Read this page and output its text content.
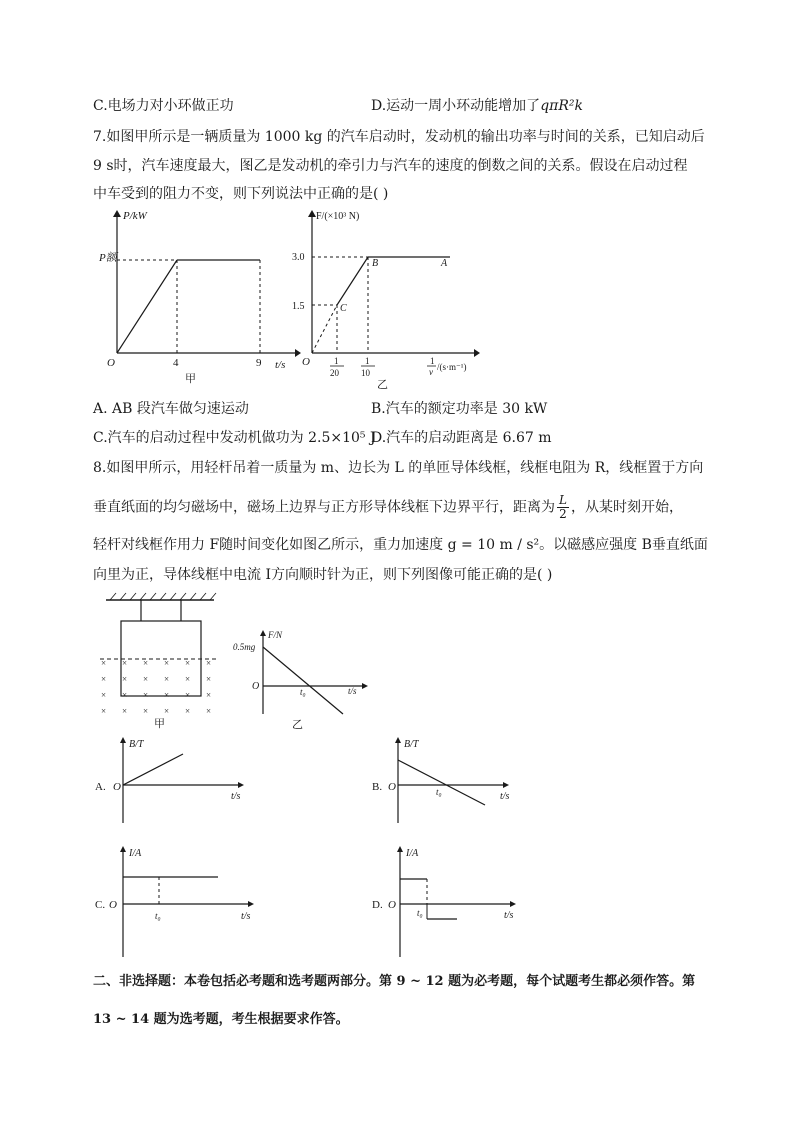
C.电场力对小环做正功	D.运动一周小环动能增加了qπR²k
7.如图甲所示是一辆质量为 1000 kg 的汽车启动时，发动机的输出功率与时间的关系，已知启动后
9 s时，汽车速度最大，图乙是发动机的牵引力与汽车的速度的倒数之间的关系。假设在启动过程
中车受到的阻力不变，则下列说法中正确的是( )
P/kW
P额
O	4	9 t/s
甲
F/(×10³ N)
3.0
1.5
B	A
C
O	1
20
1
10
1
v /(s·m⁻¹)
乙
A. AB 段汽车做匀速运动	B.汽车的额定功率是 30 kW
C.汽车的启动过程中发动机做功为 2.5×10⁵ J
D.汽车的启动距离是 6.67 m
8.如图甲所示，用轻杆吊着一质量为 m、边长为 L 的单匝导体线框，线框电阻为 R，线框置于方向
垂直纸面的均匀磁场中，磁场上边界与正方形导体线框下边界平行，距离为 $\frac{L}{2}$ ，从某时刻开始，
轻杆对线框作用力 F随时间变化如图乙所示，重力加速度 g = 10 m / s²。以磁感应强度 B垂直纸面
向里为正，导体线框中电流 I方向顺时针为正，则下列图像可能正确的是( )
× × × × × ×
× × × × × ×
× × × × × ×
× × × × × ×
甲
F/N
0.5mg
O	t₀	t/s
乙
B/T
A. O
t/s
B/T
B. O	t₀	t/s
I/A
C. O
t₀	t/s
I/A
D. O
t₀	t/s
二、非选择题：本卷包括必考题和选考题两部分。第 9 ~ 12 题为必考题，每个试题考生都必须作答。第
13 ~ 14 题为选考题，考生根据要求作答。
